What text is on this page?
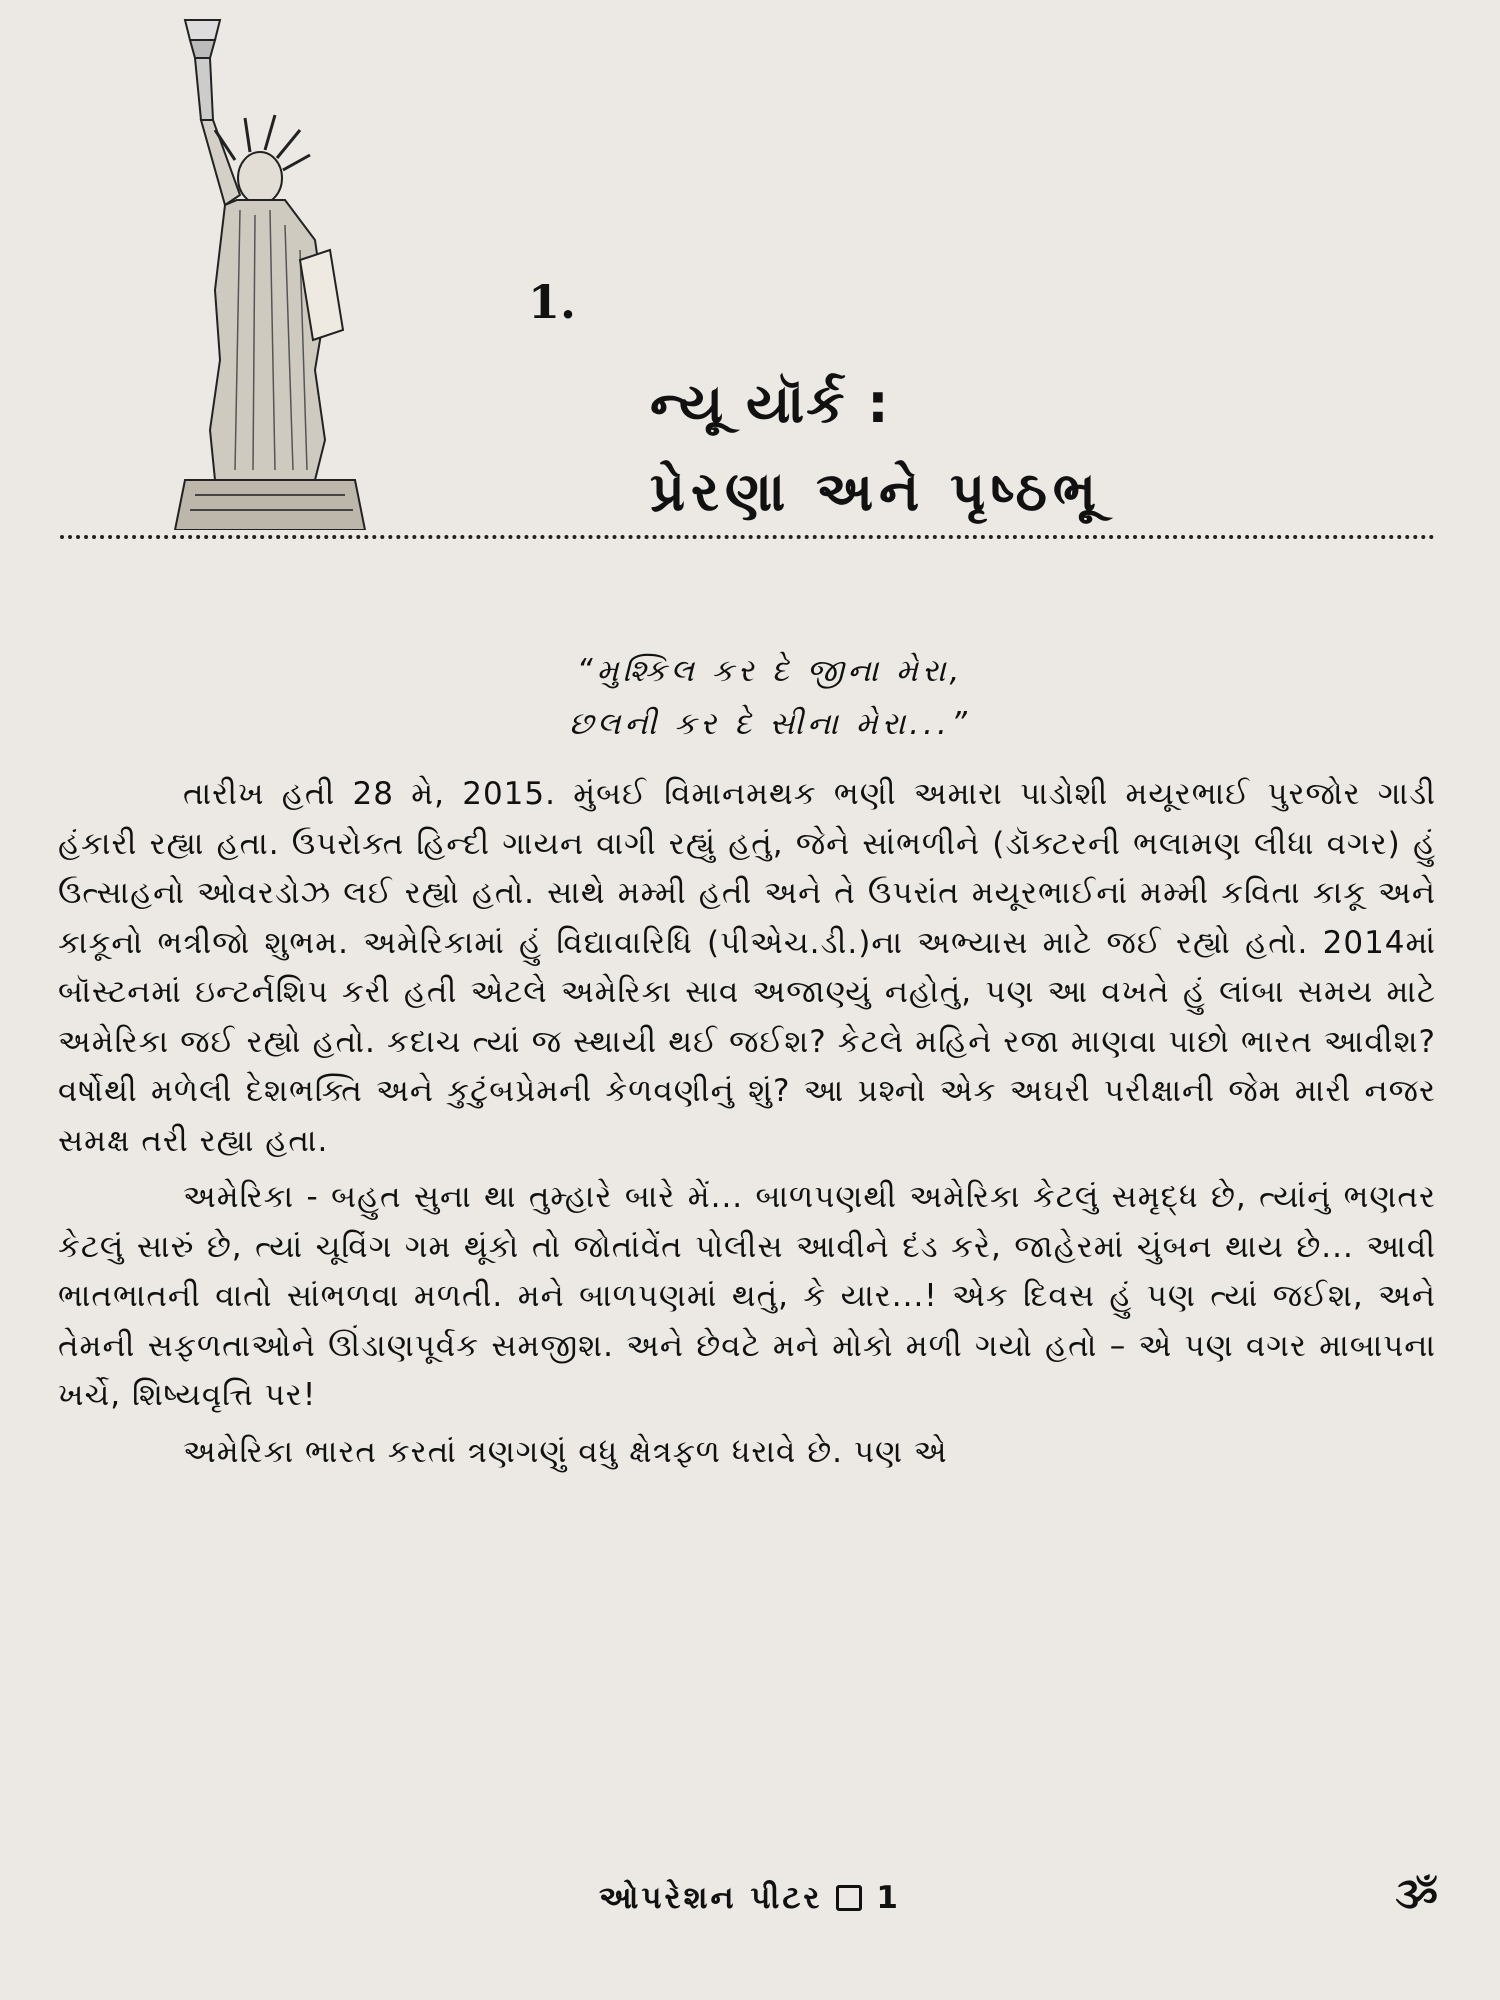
1.
ન્યૂ યૉર્ક :
પ્રેરણા અને પૃષ્ઠભૂ
“મુશ્કિલ કર દે જીના મેરા,
છલની કર દે સીના મેરા...”

તારીખ હતી 28 મે, 2015. મુંબઈ વિમાનમથક ભણી અમારા પાડોશી મયૂરભાઈ પુરજોર ગાડી હંકારી રહ્યા હતા. ઉપરોક્ત હિન્દી ગાયન વાગી રહ્યું હતું, જેને સાંભળીને (ડૉક્ટરની ભલામણ લીધા વગર) હું ઉત્સાહનો ઓવરડોઝ લઈ રહ્યો હતો. સાથે મમ્મી હતી અને તે ઉપરાંત મયૂરભાઈનાં મમ્મી કવિતા કાકૂ અને કાકૂનો ભત્રીજો શુભમ. અમેરિકામાં હું વિદ્યાવારિધિ (પીએચ.ડી.)ના અભ્યાસ માટે જઈ રહ્યો હતો. 2014માં બૉસ્ટનમાં ઇન્ટર્નશિપ કરી હતી એટલે અમેરિકા સાવ અજાણ્યું નહોતું, પણ આ વખતે હું લાંબા સમય માટે અમેરિકા જઈ રહ્યો હતો. કદાચ ત્યાં જ સ્થાયી થઈ જઈશ? કેટલે મહિને રજા માણવા પાછો ભારત આવીશ? વર્ષોથી મળેલી દેશભક્તિ અને કુટુંબપ્રેમની કેળવણીનું શું? આ પ્રશ્નો એક અઘરી પરીક્ષાની જેમ મારી નજર સમક્ષ તરી રહ્યા હતા.

અમેરિકા - બહુત સુના થા તુમ્હારે બારે મેં... બાળપણથી અમેરિકા કેટલું સમૃદ્ધ છે, ત્યાંનું ભણતર કેટલું સારું છે, ત્યાં ચૂવિંગ ગમ થૂંકો તો જોતાંવેંત પોલીસ આવીને દંડ કરે, જાહેરમાં ચુંબન થાય છે... આવી ભાતભાતની વાતો સાંભળવા મળતી. મને બાળપણમાં થતું, કે યાર...! એક દિવસ હું પણ ત્યાં જઈશ, અને તેમની સફળતાઓને ઊંડાણપૂર્વક સમજીશ. અને છેવટે મને મોકો મળી ગયો હતો – એ પણ વગર માબાપના ખર્ચે, શિષ્યવૃત્તિ પર!

અમેરિકા ભારત કરતાં ત્રણગણું વધુ ક્ષેત્રફળ ધરાવે છે. પણ એ

ઓપરેશન પીટર 1	ૐ
